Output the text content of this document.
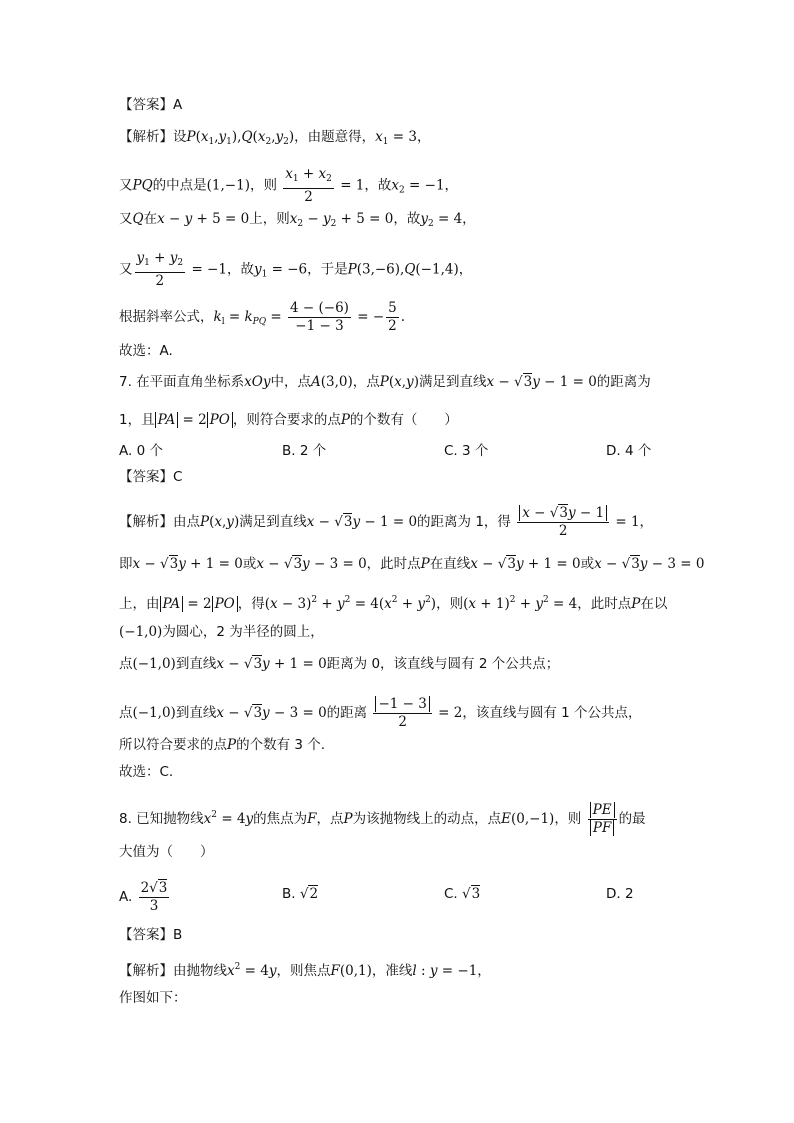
【答案】A
【解析】设$P(x_1,y_1),Q(x_2,y_2)$，由题意得，$x_1 = 3$，
又PQ的中点是(1,−1)，则 $\frac{x_1 + x_2}{2} = 1$，故$x_2 = -1$，
又Q在x − y + 5 = 0上，则$x_2 - y_2 + 5 = 0$，故$y_2 = 4$，
又 $\frac{y_1 + y_2}{2} = -1$，故$y_1 = -6$，于是P(3,−6),Q(−1,4)，
根据斜率公式，$k_l = k_{PQ} = \frac{4 - (-6)}{-1 - 3}$ = − $\frac{5}{2}$ .
故选：A.
7. 在平面直角坐标系xOy中，点A(3,0)，点P(x,y)满足到直线x − √3y − 1 = 0的距离为
1，且 PA = 2 PO ，则符合要求的点P的个数有（　　）
A. 0 个	B. 2 个	C. 3 个	D. 4 个
【答案】C
【解析】由点P(x,y)满足到直线x − √3y − 1 = 0的距离为 1，得 $\frac{x - √3y - 1}{2} = 1$，
即x − √3y + 1 = 0或x − √3y − 3 = 0，此时点P在直线x − √3y + 1 = 0或x − √3y − 3 = 0
上，由 PA = 2 PO ，得$(x - 3)^2 + y^2 = 4(x^2 + y^2)$，则$(x + 1)^2 + y^2 = 4$，此时点P在以
(−1,0)为圆心，2 为半径的圆上，
点(−1,0)到直线x − √3y + 1 = 0距离为 0，该直线与圆有 2 个公共点；
点(−1,0)到直线x − √3y − 3 = 0的距离 $\frac{-1 - 3}{2} = 2$，该直线与圆有 1 个公共点，
所以符合要求的点P的个数有 3 个.
故选：C.
8. 已知抛物线$x^2 = 4y$的焦点为F，点P为该抛物线上的动点，点E(0,−1)，则 $\frac{PE}{PF}$ 的最
大值为（　　）
A. $\frac{2√3}{3}$	B. √2	C. √3	D. 2
【答案】B
【解析】由抛物线$x^2 = 4y$，则焦点F(0,1)，准线l : y = −1，
作图如下：
